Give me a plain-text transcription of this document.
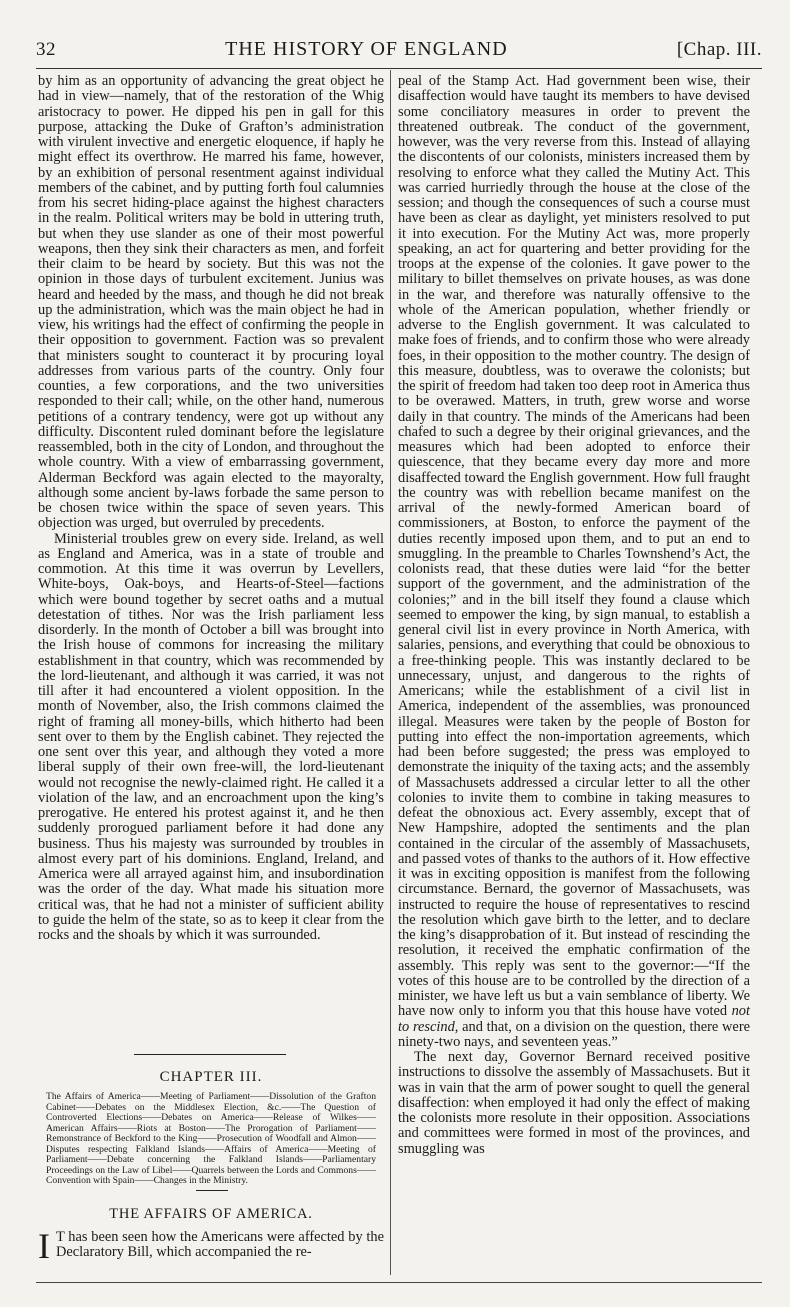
32	THE HISTORY OF ENGLAND	[Chap. III.

by him as an opportunity of advancing the great object he had in view—namely, that of the restoration of the Whig aristocracy to power. He dipped his pen in gall for this purpose, attacking the Duke of Grafton’s administration with virulent invective and energetic eloquence, if haply he might effect its overthrow. He marred his fame, however, by an exhibition of personal resentment against individual members of the cabinet, and by putting forth foul calumnies from his secret hiding-place against the highest characters in the realm. Political writers may be bold in uttering truth, but when they use slander as one of their most powerful weapons, then they sink their characters as men, and forfeit their claim to be heard by society. But this was not the opinion in those days of turbulent excitement. Junius was heard and heeded by the mass, and though he did not break up the administration, which was the main object he had in view, his writings had the effect of confirming the people in their opposition to government. Faction was so prevalent that ministers sought to counteract it by procuring loyal addresses from various parts of the country. Only four counties, a few corporations, and the two universities responded to their call; while, on the other hand, numerous petitions of a contrary tendency, were got up without any difficulty. Discontent ruled dominant before the legislature reassembled, both in the city of London, and throughout the whole country. With a view of embarrassing government, Alderman Beckford was again elected to the mayoralty, although some ancient by-laws forbade the same person to be chosen twice within the space of seven years. This objection was urged, but overruled by precedents.

Ministerial troubles grew on every side. Ireland, as well as England and America, was in a state of trouble and commotion. At this time it was overrun by Levellers, White-boys, Oak-boys, and Hearts-of-Steel—factions which were bound together by secret oaths and a mutual detestation of tithes. Nor was the Irish parliament less disorderly. In the month of October a bill was brought into the Irish house of commons for increasing the military establishment in that country, which was recommended by the lord-lieutenant, and although it was carried, it was not till after it had encountered a violent opposition. In the month of November, also, the Irish commons claimed the right of framing all money-bills, which hitherto had been sent over to them by the English cabinet. They rejected the one sent over this year, and although they voted a more liberal supply of their own free-will, the lord-lieutenant would not recognise the newly-claimed right. He called it a violation of the law, and an encroachment upon the king’s prerogative. He entered his protest against it, and he then suddenly prorogued parliament before it had done any business. Thus his majesty was surrounded by troubles in almost every part of his dominions. England, Ireland, and America were all arrayed against him, and insubordination was the order of the day. What made his situation more critical was, that he had not a minister of sufficient ability to guide the helm of the state, so as to keep it clear from the rocks and the shoals by which it was surrounded.

CHAPTER III.
The Affairs of America——Meeting of Parliament——Dissolution of the Grafton Cabinet——Debates on the Middlesex Election, &c.——The Question of Controverted Elections——Debates on America——Release of Wilkes——American Affairs——Riots at Boston——The Prorogation of Parliament——Remonstrance of Beckford to the King——Prosecution of Woodfall and Almon——Disputes respecting Falkland Islands——Affairs of America——Meeting of Parliament——Debate concerning the Falkland Islands——Parliamentary Proceedings on the Law of Libel——Quarrels between the Lords and Commons——Convention with Spain——Changes in the Ministry.
THE AFFAIRS OF AMERICA.
I T has been seen how the Americans were affected by the Declaratory Bill, which accompanied the re-

peal of the Stamp Act. Had government been wise, their disaffection would have taught its members to have devised some conciliatory measures in order to prevent the threatened outbreak. The conduct of the government, however, was the very reverse from this. Instead of allaying the discontents of our colonists, ministers increased them by resolving to enforce what they called the Mutiny Act. This was carried hurriedly through the house at the close of the session; and though the consequences of such a course must have been as clear as daylight, yet ministers resolved to put it into execution. For the Mutiny Act was, more properly speaking, an act for quartering and better providing for the troops at the expense of the colonies. It gave power to the military to billet themselves on private houses, as was done in the war, and therefore was naturally offensive to the whole of the American population, whether friendly or adverse to the English government. It was calculated to make foes of friends, and to confirm those who were already foes, in their opposition to the mother country. The design of this measure, doubtless, was to overawe the colonists; but the spirit of freedom had taken too deep root in America thus to be overawed. Matters, in truth, grew worse and worse daily in that country. The minds of the Americans had been chafed to such a degree by their original grievances, and the measures which had been adopted to enforce their quiescence, that they became every day more and more disaffected toward the English government. How full fraught the country was with rebellion became manifest on the arrival of the newly-formed American board of commissioners, at Boston, to enforce the payment of the duties recently imposed upon them, and to put an end to smuggling. In the preamble to Charles Townshend’s Act, the colonists read, that these duties were laid “for the better support of the government, and the administration of the colonies;” and in the bill itself they found a clause which seemed to empower the king, by sign manual, to establish a general civil list in every province in North America, with salaries, pensions, and everything that could be obnoxious to a free-thinking people. This was instantly declared to be unnecessary, unjust, and dangerous to the rights of Americans; while the establishment of a civil list in America, independent of the assemblies, was pronounced illegal. Measures were taken by the people of Boston for putting into effect the non-importation agreements, which had been before suggested; the press was employed to demonstrate the iniquity of the taxing acts; and the assembly of Massachusets addressed a circular letter to all the other colonies to invite them to combine in taking measures to defeat the obnoxious act. Every assembly, except that of New Hampshire, adopted the sentiments and the plan contained in the circular of the assembly of Massachusets, and passed votes of thanks to the authors of it. How effective it was in exciting opposition is manifest from the following circumstance. Bernard, the governor of Massachusets, was instructed to require the house of representatives to rescind the resolution which gave birth to the letter, and to declare the king’s disapprobation of it. But instead of rescinding the resolution, it received the emphatic confirmation of the assembly. This reply was sent to the governor:—“If the votes of this house are to be controlled by the direction of a minister, we have left us but a vain semblance of liberty. We have now only to inform you that this house have voted not to rescind, and that, on a division on the question, there were ninety-two nays, and seventeen yeas.”

The next day, Governor Bernard received positive instructions to dissolve the assembly of Massachusets. But it was in vain that the arm of power sought to quell the general disaffection: when employed it had only the effect of making the colonists more resolute in their opposition. Associations and committees were formed in most of the provinces, and smuggling was
